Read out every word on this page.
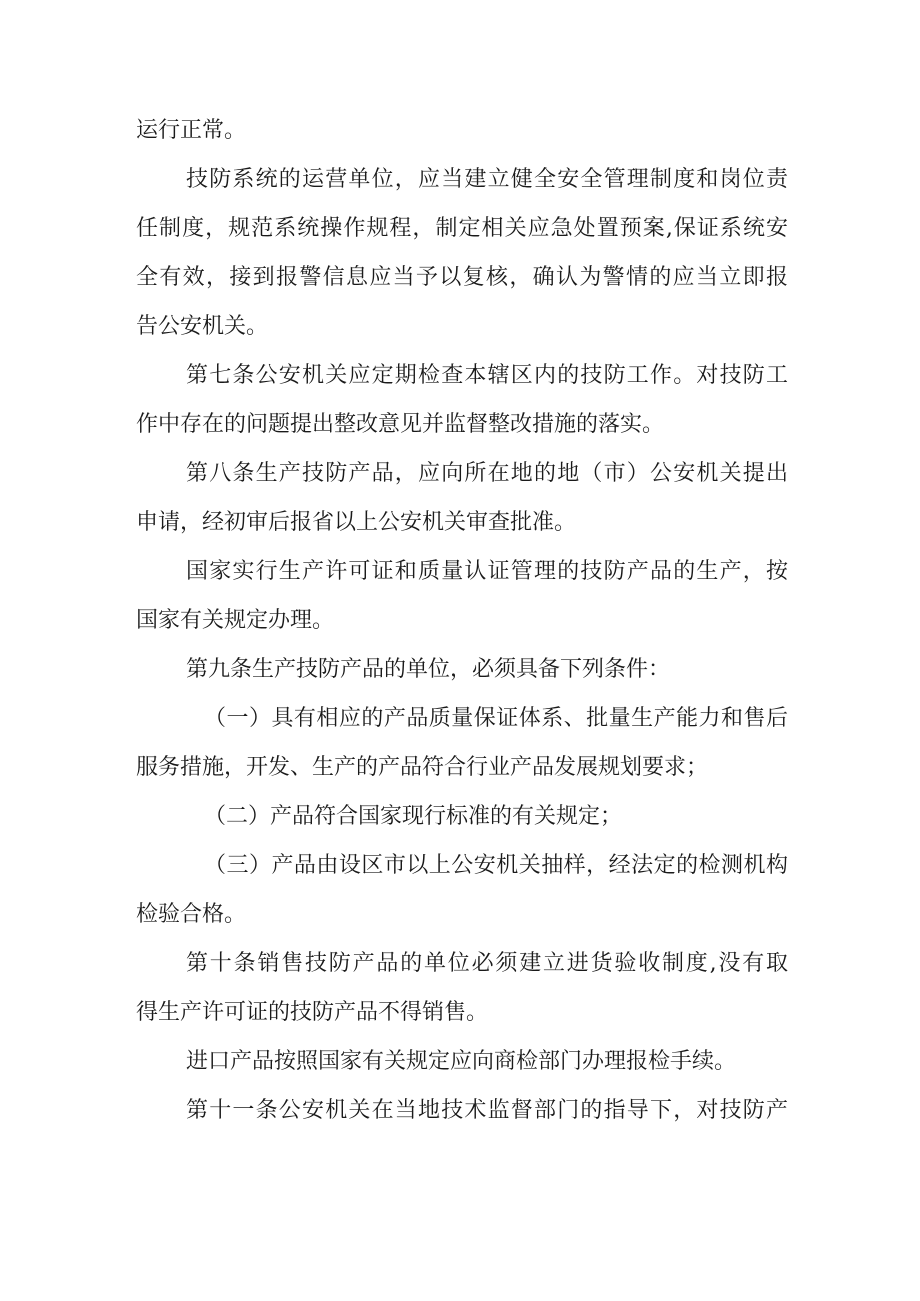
运行正常。

技防系统的运营单位，应当建立健全安全管理制度和岗位责

任制度，规范系统操作规程，制定相关应急处置预案,保证系统安

全有效，接到报警信息应当予以复核，确认为警情的应当立即报

告公安机关。

第七条公安机关应定期检查本辖区内的技防工作。对技防工

作中存在的问题提出整改意见并监督整改措施的落实。

第八条生产技防产品，应向所在地的地（市）公安机关提出

申请，经初审后报省以上公安机关审查批准。

国家实行生产许可证和质量认证管理的技防产品的生产，按

国家有关规定办理。

第九条生产技防产品的单位，必须具备下列条件：

（一）具有相应的产品质量保证体系、批量生产能力和售后

服务措施，开发、生产的产品符合行业产品发展规划要求；

（二）产品符合国家现行标准的有关规定；

（三）产品由设区市以上公安机关抽样，经法定的检测机构

检验合格。

第十条销售技防产品的单位必须建立进货验收制度,没有取

得生产许可证的技防产品不得销售。

进口产品按照国家有关规定应向商检部门办理报检手续。

第十一条公安机关在当地技术监督部门的指导下，对技防产
